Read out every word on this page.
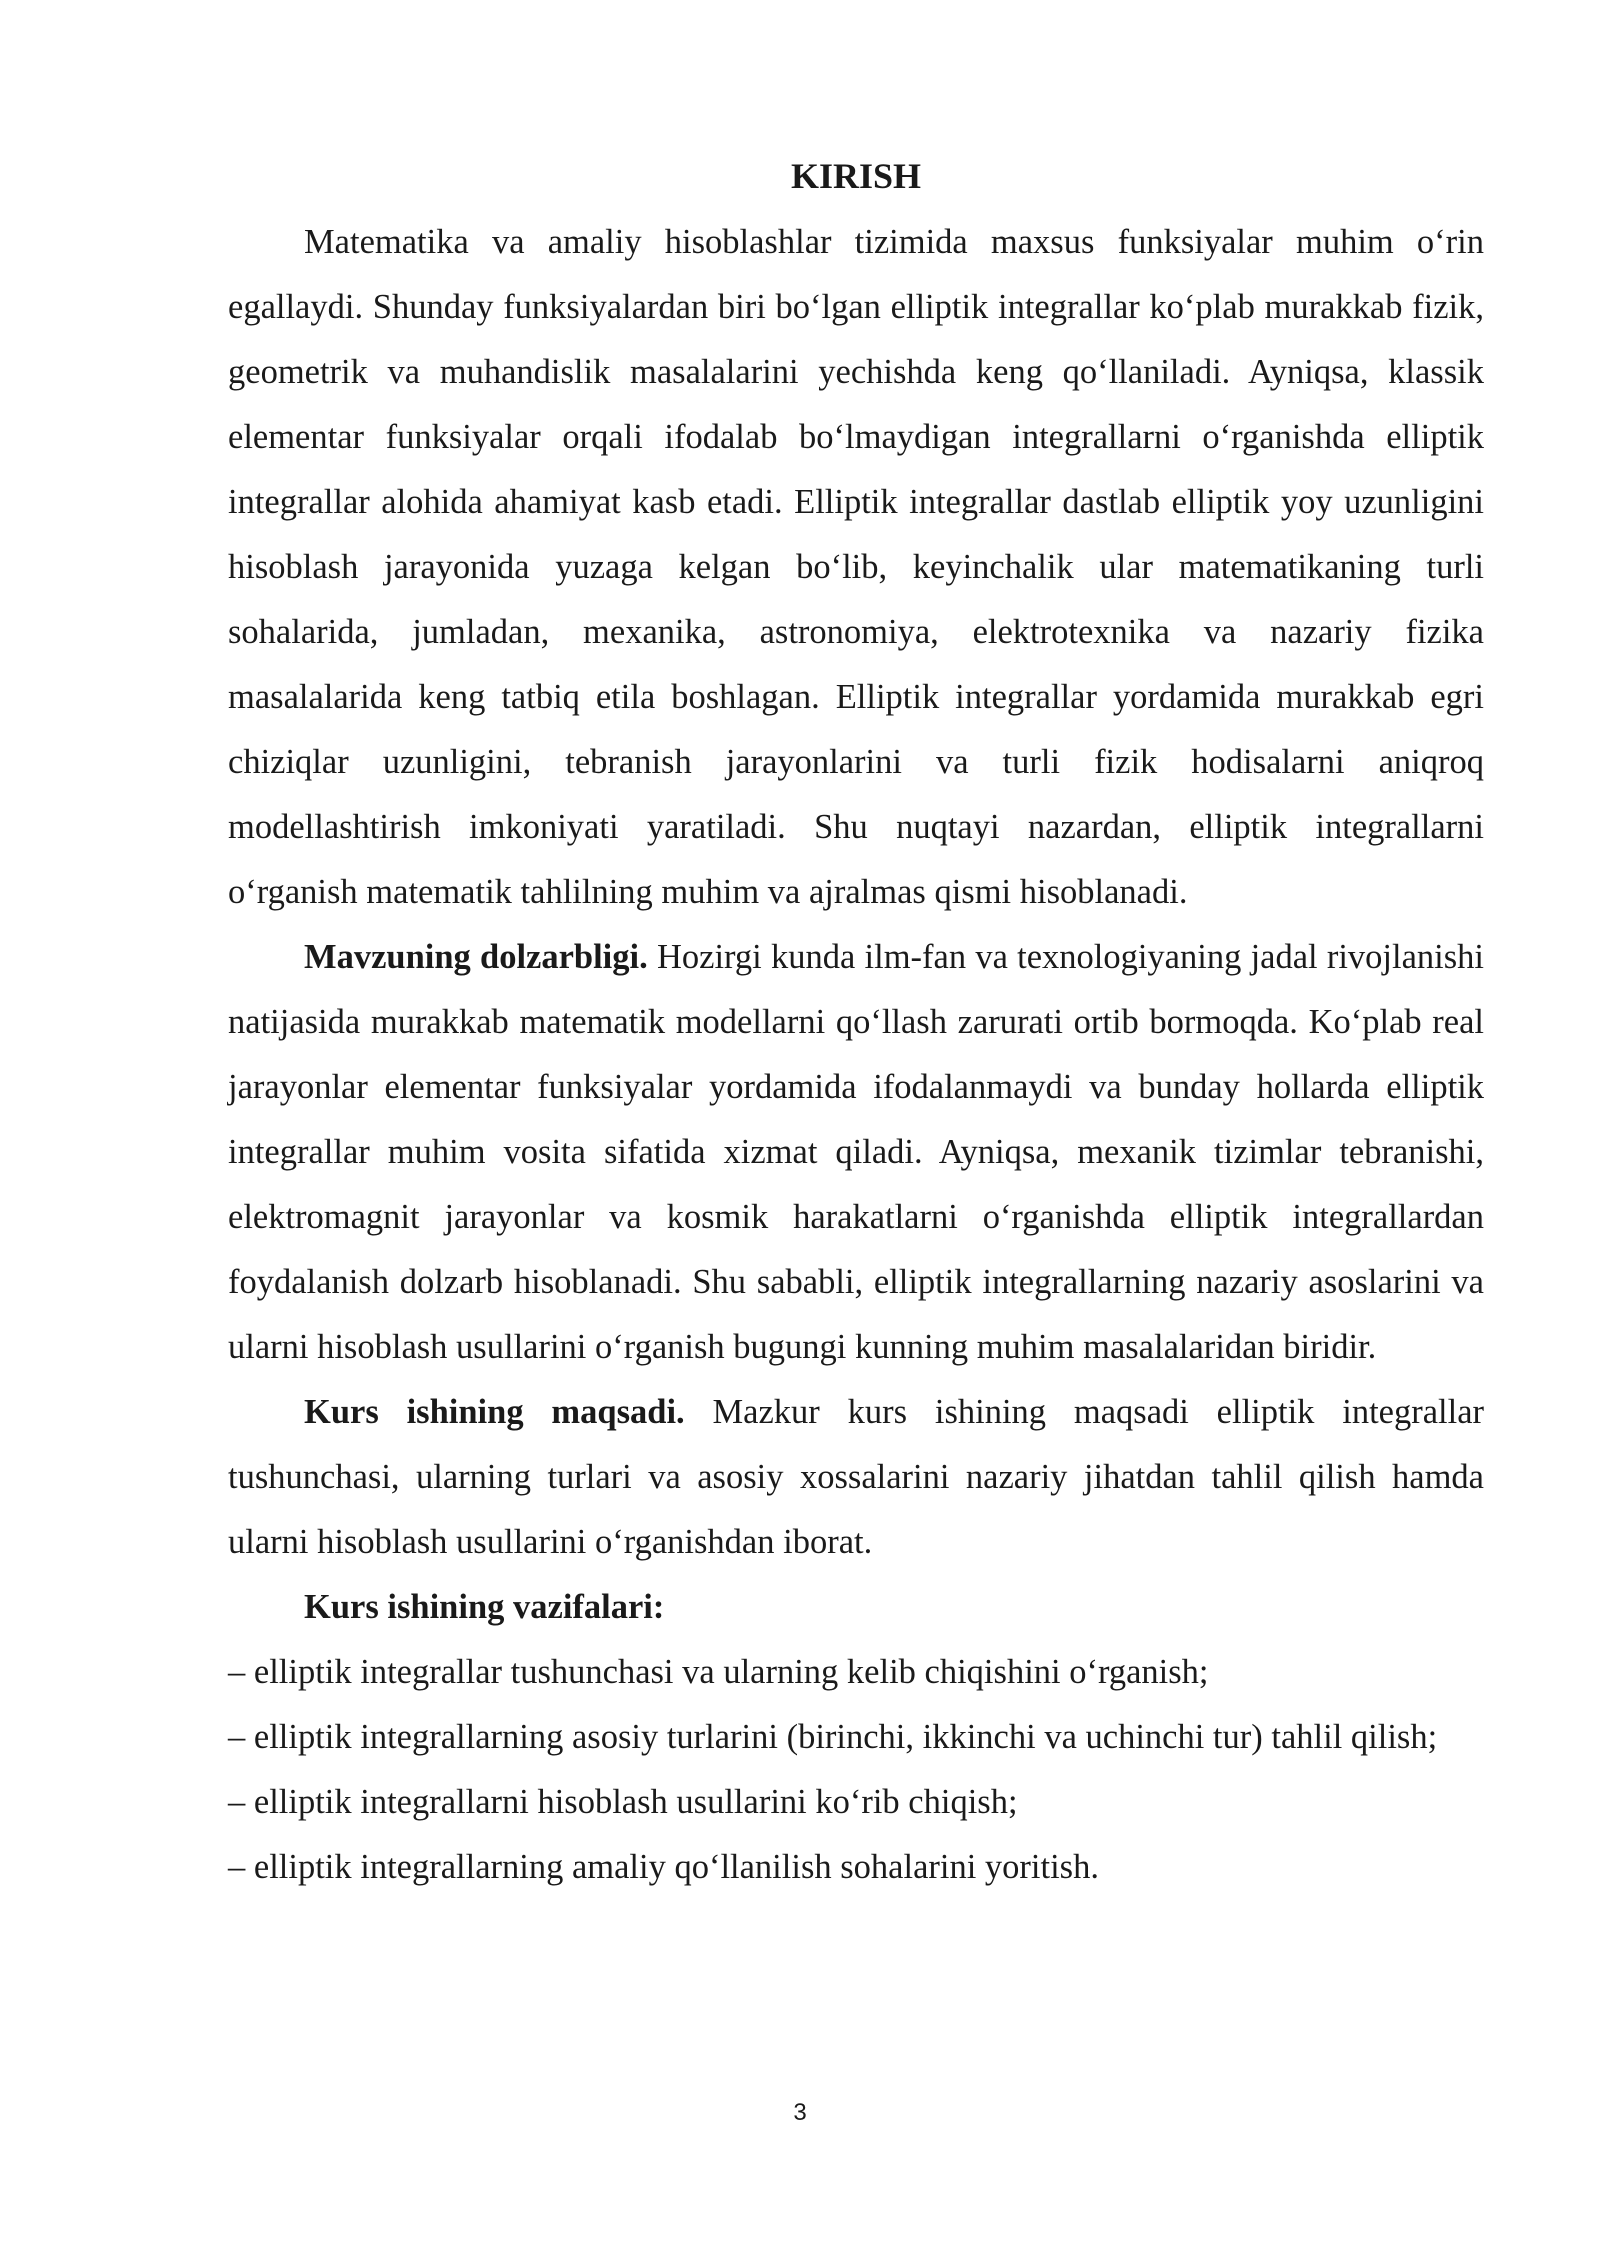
KIRISH

Matematika va amaliy hisoblashlar tizimida maxsus funksiyalar muhim o‘rin egallaydi. Shunday funksiyalardan biri bo‘lgan elliptik integrallar ko‘plab murakkab fizik, geometrik va muhandislik masalalarini yechishda keng qo‘llaniladi. Ayniqsa, klassik elementar funksiyalar orqali ifodalab bo‘lmaydigan integrallarni o‘rganishda elliptik integrallar alohida ahamiyat kasb etadi. Elliptik integrallar dastlab elliptik yoy uzunligini hisoblash jarayonida yuzaga kelgan bo‘lib, keyinchalik ular matematikaning turli sohalarida, jumladan, mexanika, astronomiya, elektrotexnika va nazariy fizika masalalarida keng tatbiq etila boshlagan. Elliptik integrallar yordamida murakkab egri chiziqlar uzunligini, tebranish jarayonlarini va turli fizik hodisalarni aniqroq modellashtirish imkoniyati yaratiladi. Shu nuqtayi nazardan, elliptik integrallarni o‘rganish matematik tahlilning muhim va ajralmas qismi hisoblanadi.

Mavzuning dolzarbligi. Hozirgi kunda ilm-fan va texnologiyaning jadal rivojlanishi natijasida murakkab matematik modellarni qo‘llash zarurati ortib bormoqda. Ko‘plab real jarayonlar elementar funksiyalar yordamida ifodalanmaydi va bunday hollarda elliptik integrallar muhim vosita sifatida xizmat qiladi. Ayniqsa, mexanik tizimlar tebranishi, elektromagnit jarayonlar va kosmik harakatlarni o‘rganishda elliptik integrallardan foydalanish dolzarb hisoblanadi. Shu sababli, elliptik integrallarning nazariy asoslarini va ularni hisoblash usullarini o‘rganish bugungi kunning muhim masalalaridan biridir.

Kurs ishining maqsadi. Mazkur kurs ishining maqsadi elliptik integrallar tushunchasi, ularning turlari va asosiy xossalarini nazariy jihatdan tahlil qilish hamda ularni hisoblash usullarini o‘rganishdan iborat.

Kurs ishining vazifalari:

– elliptik integrallar tushunchasi va ularning kelib chiqishini o‘rganish;
– elliptik integrallarning asosiy turlarini (birinchi, ikkinchi va uchinchi tur) tahlil qilish;
– elliptik integrallarni hisoblash usullarini ko‘rib chiqish;
– elliptik integrallarning amaliy qo‘llanilish sohalarini yoritish.
3
